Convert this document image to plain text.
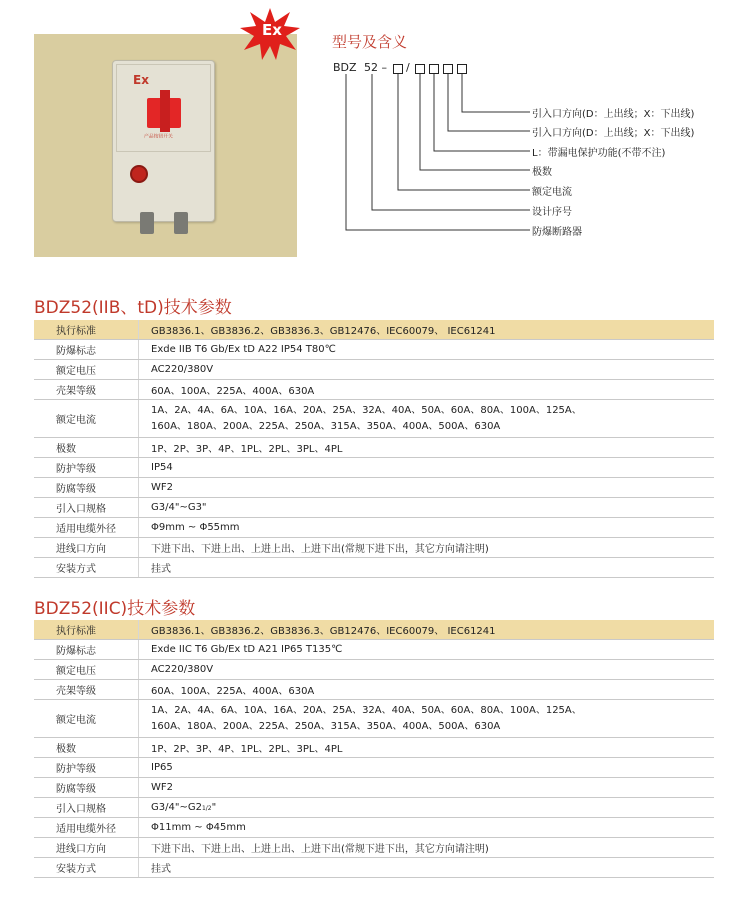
Ex
产品按钮开关
Ex
型号及含义
BDZ 52 – /
引入口方向(D：上出线；X：下出线)
引入口方向(D：上出线；X：下出线)
L：带漏电保护功能(不带不注)
极数
额定电流
设计序号
防爆断路器
BDZ52(IIB、tD)技术参数
执行标准	GB3836.1、GB3836.2、GB3836.3、GB12476、IEC60079、 IEC61241
防爆标志	Exde IIB T6 Gb/Ex tD A22 IP54 T80℃
额定电压	AC220/380V
壳架等级	60A、100A、225A、400A、630A
额定电流	1A、2A、4A、6A、10A、16A、20A、25A、32A、40A、50A、60A、80A、100A、125A、
160A、180A、200A、225A、250A、315A、350A、400A、500A、630A

极数	1P、2P、3P、4P、1PL、2PL、3PL、4PL
防护等级	IP54
防腐等级	WF2
引入口规格	G3/4"~G3"
适用电缆外径	Φ9mm ~ Φ55mm
进线口方向	下进下出、下进上出、上进上出、上进下出(常规下进下出，其它方向请注明)
安装方式	挂式
BDZ52(IIC)技术参数
执行标准	GB3836.1、GB3836.2、GB3836.3、GB12476、IEC60079、 IEC61241
防爆标志	Exde IIC T6 Gb/Ex tD A21 IP65 T135℃
额定电压	AC220/380V
壳架等级	60A、100A、225A、400A、630A
额定电流	1A、2A、4A、6A、10A、16A、20A、25A、32A、40A、50A、60A、80A、100A、125A、
160A、180A、200A、225A、250A、315A、350A、400A、500A、630A

极数	1P、2P、3P、4P、1PL、2PL、3PL、4PL
防护等级	IP65
防腐等级	WF2
引入口规格	G3/4"~G21/2"
适用电缆外径	Φ11mm ~ Φ45mm
进线口方向	下进下出、下进上出、上进上出、上进下出(常规下进下出，其它方向请注明)
安装方式	挂式
